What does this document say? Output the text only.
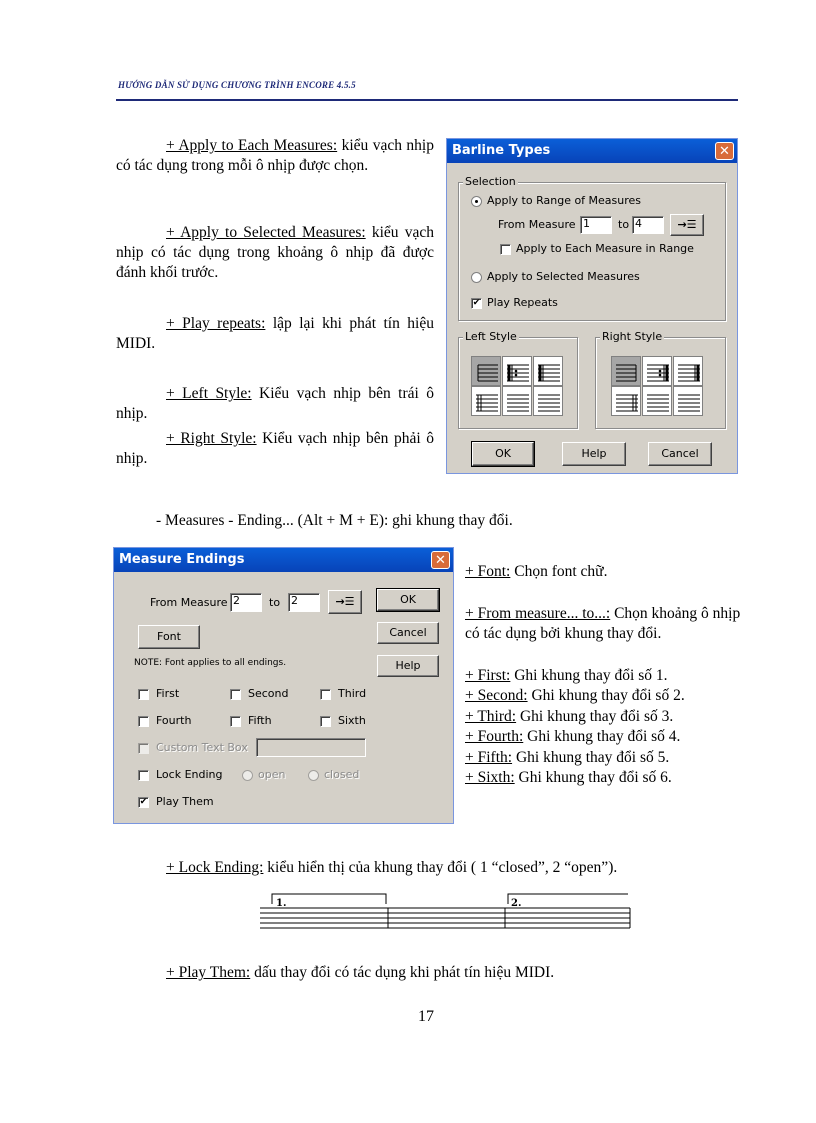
HƯỚNG DẪN SỬ DỤNG CHƯƠNG TRÌNH ENCORE 4.5.5
+ Apply to Each Measures: kiểu vạch nhịp có tác dụng trong mỗi ô nhịp được chọn.
+ Apply to Selected Measures: kiểu vạch nhịp có tác dụng trong khoảng ô nhịp đã được đánh khối trước.
+ Play repeats: lập lại khi phát tín hiệu MIDI.
+ Left Style: Kiểu vạch nhịp bên trái ô nhịp.
+ Right Style: Kiểu vạch nhịp bên phải ô nhịp.
Barline Types	✕
Selection
Apply to Range of Measures
From Measure 1	to 4	→☰
Apply to Each Measure in Range
Apply to Selected Measures
✔ Play Repeats
Left Style	Right Style
OK	Help	Cancel
- Measures - Ending... (Alt + M + E): ghi khung thay đổi.
Measure Endings	✕
From Measure 2	to 2	→☰	OK
Font	Cancel
NOTE: Font applies to all endings.	Help
First	Second	Third
Fourth	Fifth	Sixth
Custom Text Box
Lock Ending	open	closed
✔ Play Them
+ Font: Chọn font chữ.
+ From measure... to...: Chọn khoảng ô nhịp có tác dụng bởi khung thay đổi.
+ First: Ghi khung thay đổi số 1.
+ Second: Ghi khung thay đổi số 2.
+ Third: Ghi khung thay đổi số 3.
+ Fourth: Ghi khung thay đổi số 4.
+ Fifth: Ghi khung thay đổi số 5.
+ Sixth: Ghi khung thay đổi số 6.
+ Lock Ending: kiểu hiển thị của khung thay đổi ( 1 “closed”, 2 “open”).
1.	2.
+ Play Them: dấu thay đổi có tác dụng khi phát tín hiệu MIDI.
17
